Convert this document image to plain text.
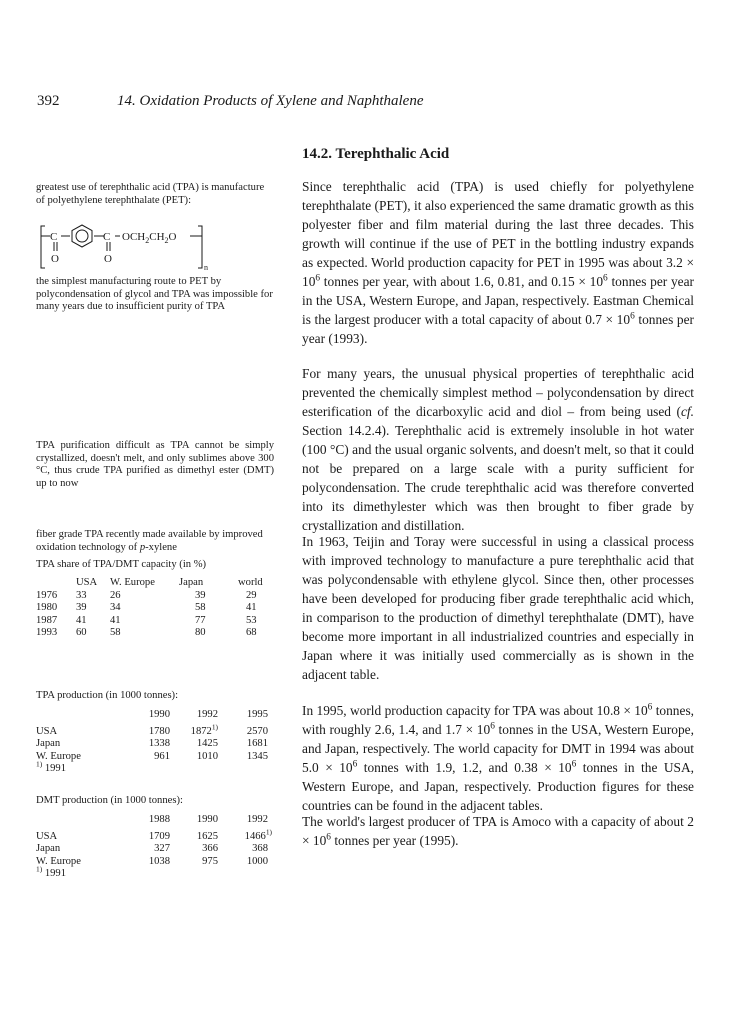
392	14. Oxidation Products of Xylene and Naphthalene
14.2. Terephthalic Acid

greatest use of terephthalic acid (TPA) is manufacture of polyethylene terephthalate (PET):

C	C
O	O
$OCH_2CH_2O$
n

the simplest manufacturing route to PET by polycondensation of glycol and TPA was impossible for many years due to insufficient purity of TPA

TPA purification difficult as TPA cannot be simply crystallized, doesn't melt, and only sublimes above 300 °C, thus crude TPA purified as dimethyl ester (DMT) up to now

fiber grade TPA recently made available by improved oxidation technology of p-xylene

TPA share of TPA/DMT capacity (in %)
	USA	W. Europe	Japan	world
1976	33	26	39	29
1980	39	34	58	41
1987	41	41	77	53
1993	60	58	80	68
TPA production (in 1000 tonnes):
	1990	1992	1995

USA	1780	1872$^{1)}$	2570
Japan	1338	1425	1681
W. Europe	961	1010	1345
$^{1)}$ 1991			
DMT production (in 1000 tonnes):
	1988	1990	1992

USA	1709	1625	1466$^{1)}$
Japan	327	366	368
W. Europe	1038	975	1000
$^{1)}$ 1991			

Since terephthalic acid (TPA) is used chiefly for polyethylene terephthalate (PET), it also experienced the same dramatic growth as this polyester fiber and film material during the last three decades. This growth will continue if the use of PET in the bottling industry expands as expected. World production capacity for PET in 1995 was about $3.2 \times 10^6$ tonnes per year, with about 1.6, 0.81, and $0.15 \times 10^6$ tonnes per year in the USA, Western Europe, and Japan, respectively. Eastman Chemical is the largest producer with a total capacity of about $0.7 \times 10^6$ tonnes per year (1993).

For many years, the unusual physical properties of terephthalic acid prevented the chemically simplest method – polycondensation by direct esterification of the dicarboxylic acid and diol – from being used (cf. Section 14.2.4). Terephthalic acid is extremely insoluble in hot water (100 °C) and the usual organic solvents, and doesn't melt, so that it could not be prepared on a large scale with a purity sufficient for polycondensation. The crude terephthalic acid was therefore converted into its dimethylester which was then brought to fiber grade by crystallization and distillation.

In 1963, Teijin and Toray were successful in using a classical process with improved technology to manufacture a pure terephthalic acid that was polycondensable with ethylene glycol. Since then, other processes have been developed for producing fiber grade terephthalic acid which, in comparison to the production of dimethyl terephthalate (DMT), have become more important in all industrialized countries and especially in Japan where it was initially used commercially as is shown in the adjacent table.

In 1995, world production capacity for TPA was about $10.8 \times 10^6$ tonnes, with roughly 2.6, 1.4, and $1.7 \times 10^6$ tonnes in the USA, Western Europe, and Japan, respectively. The world capacity for DMT in 1994 was about $5.0 \times 10^6$ tonnes with 1.9, 1.2, and $0.38 \times 10^6$ tonnes in the USA, Western Europe, and Japan, respectively. Production figures for these countries can be found in the adjacent tables.

The world's largest producer of TPA is Amoco with a capacity of about $2 \times 10^6$ tonnes per year (1995).
